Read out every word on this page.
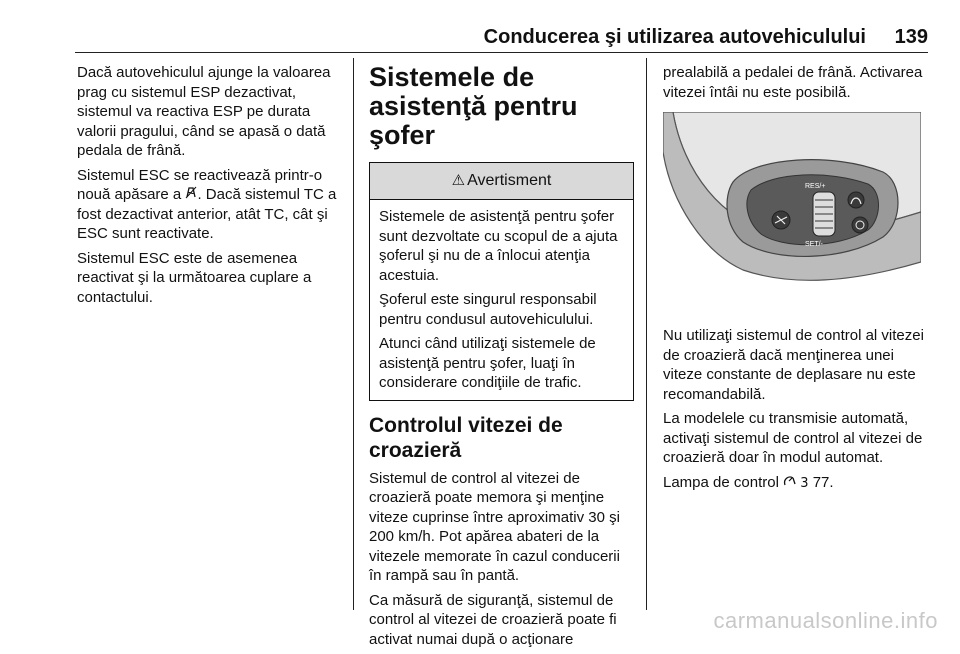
Conducerea şi utilizarea autovehiculului 139

Dacă autovehiculul ajunge la valoarea prag cu sistemul ESP dezactivat, sistemul va reactiva ESP pe durata valorii pragului, când se apasă o dată pedala de frână.

Sistemul ESC se reactivează printr-o nouă apăsare a . Dacă sistemul TC a fost dezactivat anterior, atât TC, cât şi ESC sunt reactivate.

Sistemul ESC este de asemenea reactivat şi la următoarea cuplare a contactului.

Sistemele de asistenţă pentru şofer
⚠ Avertisment

Sistemele de asistenţă pentru şofer sunt dezvoltate cu scopul de a ajuta şoferul şi nu de a înlocui atenţia acestuia.

Şoferul este singurul responsabil pentru condusul autovehiculului.

Atunci când utilizaţi sistemele de asistenţă pentru şofer, luaţi în considerare condiţiile de trafic.

Controlul vitezei de croazieră

Sistemul de control al vitezei de croazieră poate memora şi menţine viteze cuprinse între aproximativ 30 şi 200 km/h. Pot apărea abateri de la vitezele memorate în cazul conducerii în rampă sau în pantă.

Ca măsură de siguranţă, sistemul de control al vitezei de croazieră poate fi activat numai după o acţionare

prealabilă a pedalei de frână. Activarea vitezei întâi nu este posibilă.

RES/+
SET/-

Nu utilizaţi sistemul de control al vitezei de croazieră dacă menţinerea unei viteze constante de deplasare nu este recomandabilă.

La modelele cu transmisie automată, activaţi sistemul de control al vitezei de croazieră doar în modul automat.

Lampa de control 3 77.

carmanualsonline.info
